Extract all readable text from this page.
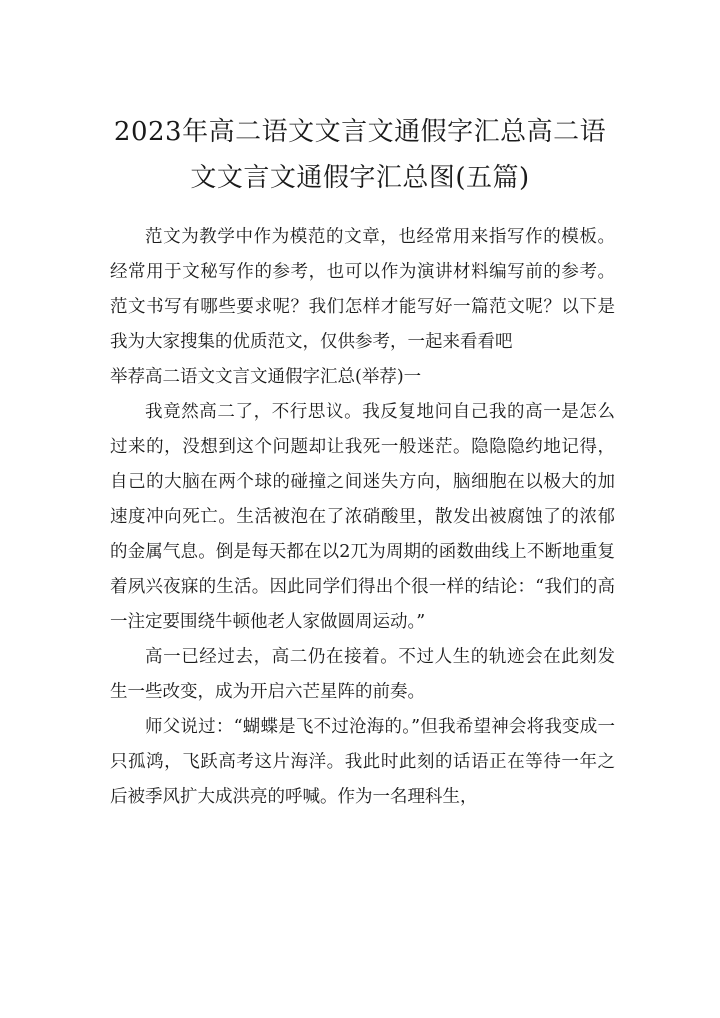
2023年高二语文文言文通假字汇总高二语
文文言文通假字汇总图(五篇)

范文为教学中作为模范的文章，也经常用来指写作的模板。经常用于文秘写作的参考，也可以作为演讲材料编写前的参考。范文书写有哪些要求呢？我们怎样才能写好一篇范文呢？以下是我为大家搜集的优质范文，仅供参考，一起来看看吧

举荐高二语文文言文通假字汇总(举荐)一

我竟然高二了，不行思议。我反复地问自己我的高一是怎么过来的，没想到这个问题却让我死一般迷茫。隐隐隐约地记得，自己的大脑在两个球的碰撞之间迷失方向，脑细胞在以极大的加速度冲向死亡。生活被泡在了浓硝酸里，散发出被腐蚀了的浓郁的金属气息。倒是每天都在以2兀为周期的函数曲线上不断地重复着夙兴夜寐的生活。因此同学们得出个很一样的结论：“我们的高一注定要围绕牛顿他老人家做圆周运动。”

高一已经过去，高二仍在接着。不过人生的轨迹会在此刻发生一些改变，成为开启六芒星阵的前奏。

师父说过：“蝴蝶是飞不过沧海的。”但我希望神会将我变成一只孤鸿，飞跃高考这片海洋。我此时此刻的话语正在等待一年之后被季风扩大成洪亮的呼喊。作为一名理科生，
